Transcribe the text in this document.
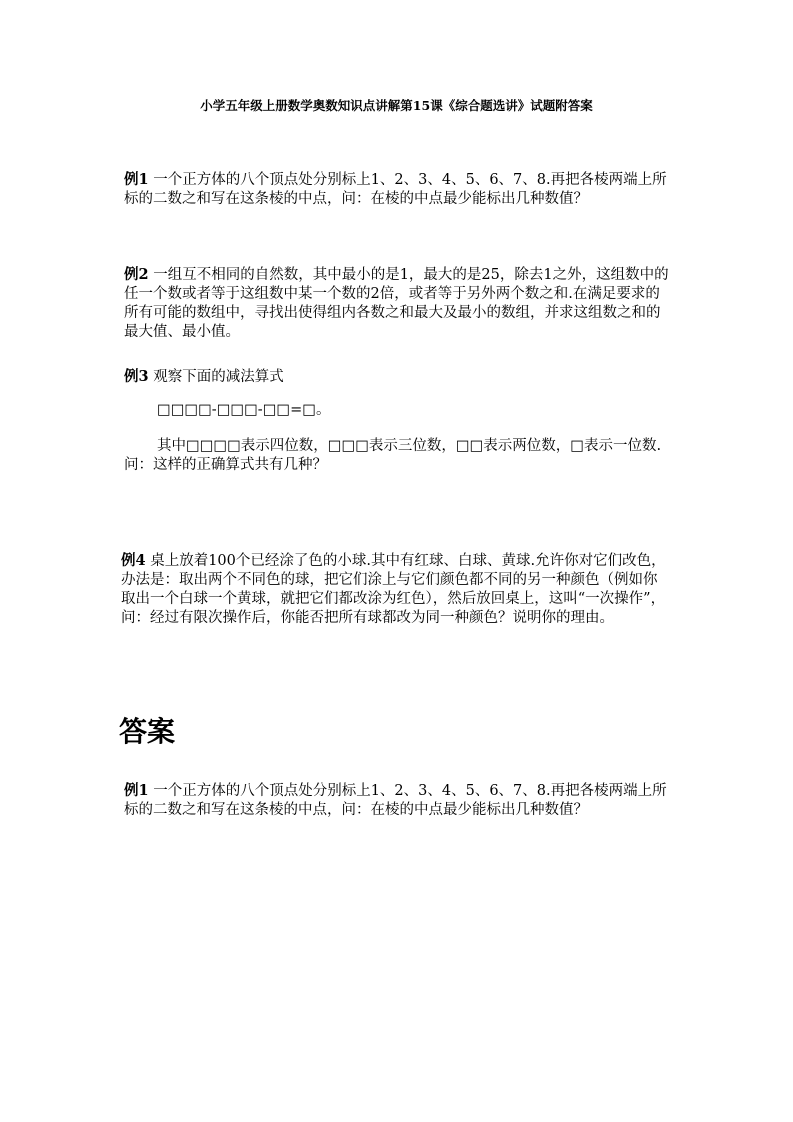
小学五年级上册数学奥数知识点讲解第15课《综合题选讲》试题附答案
例1 一个正方体的八个顶点处分别标上1、2、3、4、5、6、7、8.再把各棱两端上所标的二数之和写在这条棱的中点，问：在棱的中点最少能标出几种数值？
例2 一组互不相同的自然数，其中最小的是1，最大的是25，除去1之外，这组数中的任一个数或者等于这组数中某一个数的2倍，或者等于另外两个数之和.在满足要求的所有可能的数组中，寻找出使得组内各数之和最大及最小的数组，并求这组数之和的最大值、最小值。
例3 观察下面的减法算式
□□□□-□□□-□□=□。
其中□□□□表示四位数，□□□表示三位数，□□表示两位数，□表示一位数.问：这样的正确算式共有几种？
例4 桌上放着100个已经涂了色的小球.其中有红球、白球、黄球.允许你对它们改色，办法是：取出两个不同色的球，把它们涂上与它们颜色都不同的另一种颜色（例如你取出一个白球一个黄球，就把它们都改涂为红色），然后放回桌上，这叫“一次操作”，问：经过有限次操作后，你能否把所有球都改为同一种颜色？说明你的理由。
答案
例1 一个正方体的八个顶点处分别标上1、2、3、4、5、6、7、8.再把各棱两端上所标的二数之和写在这条棱的中点，问：在棱的中点最少能标出几种数值？
